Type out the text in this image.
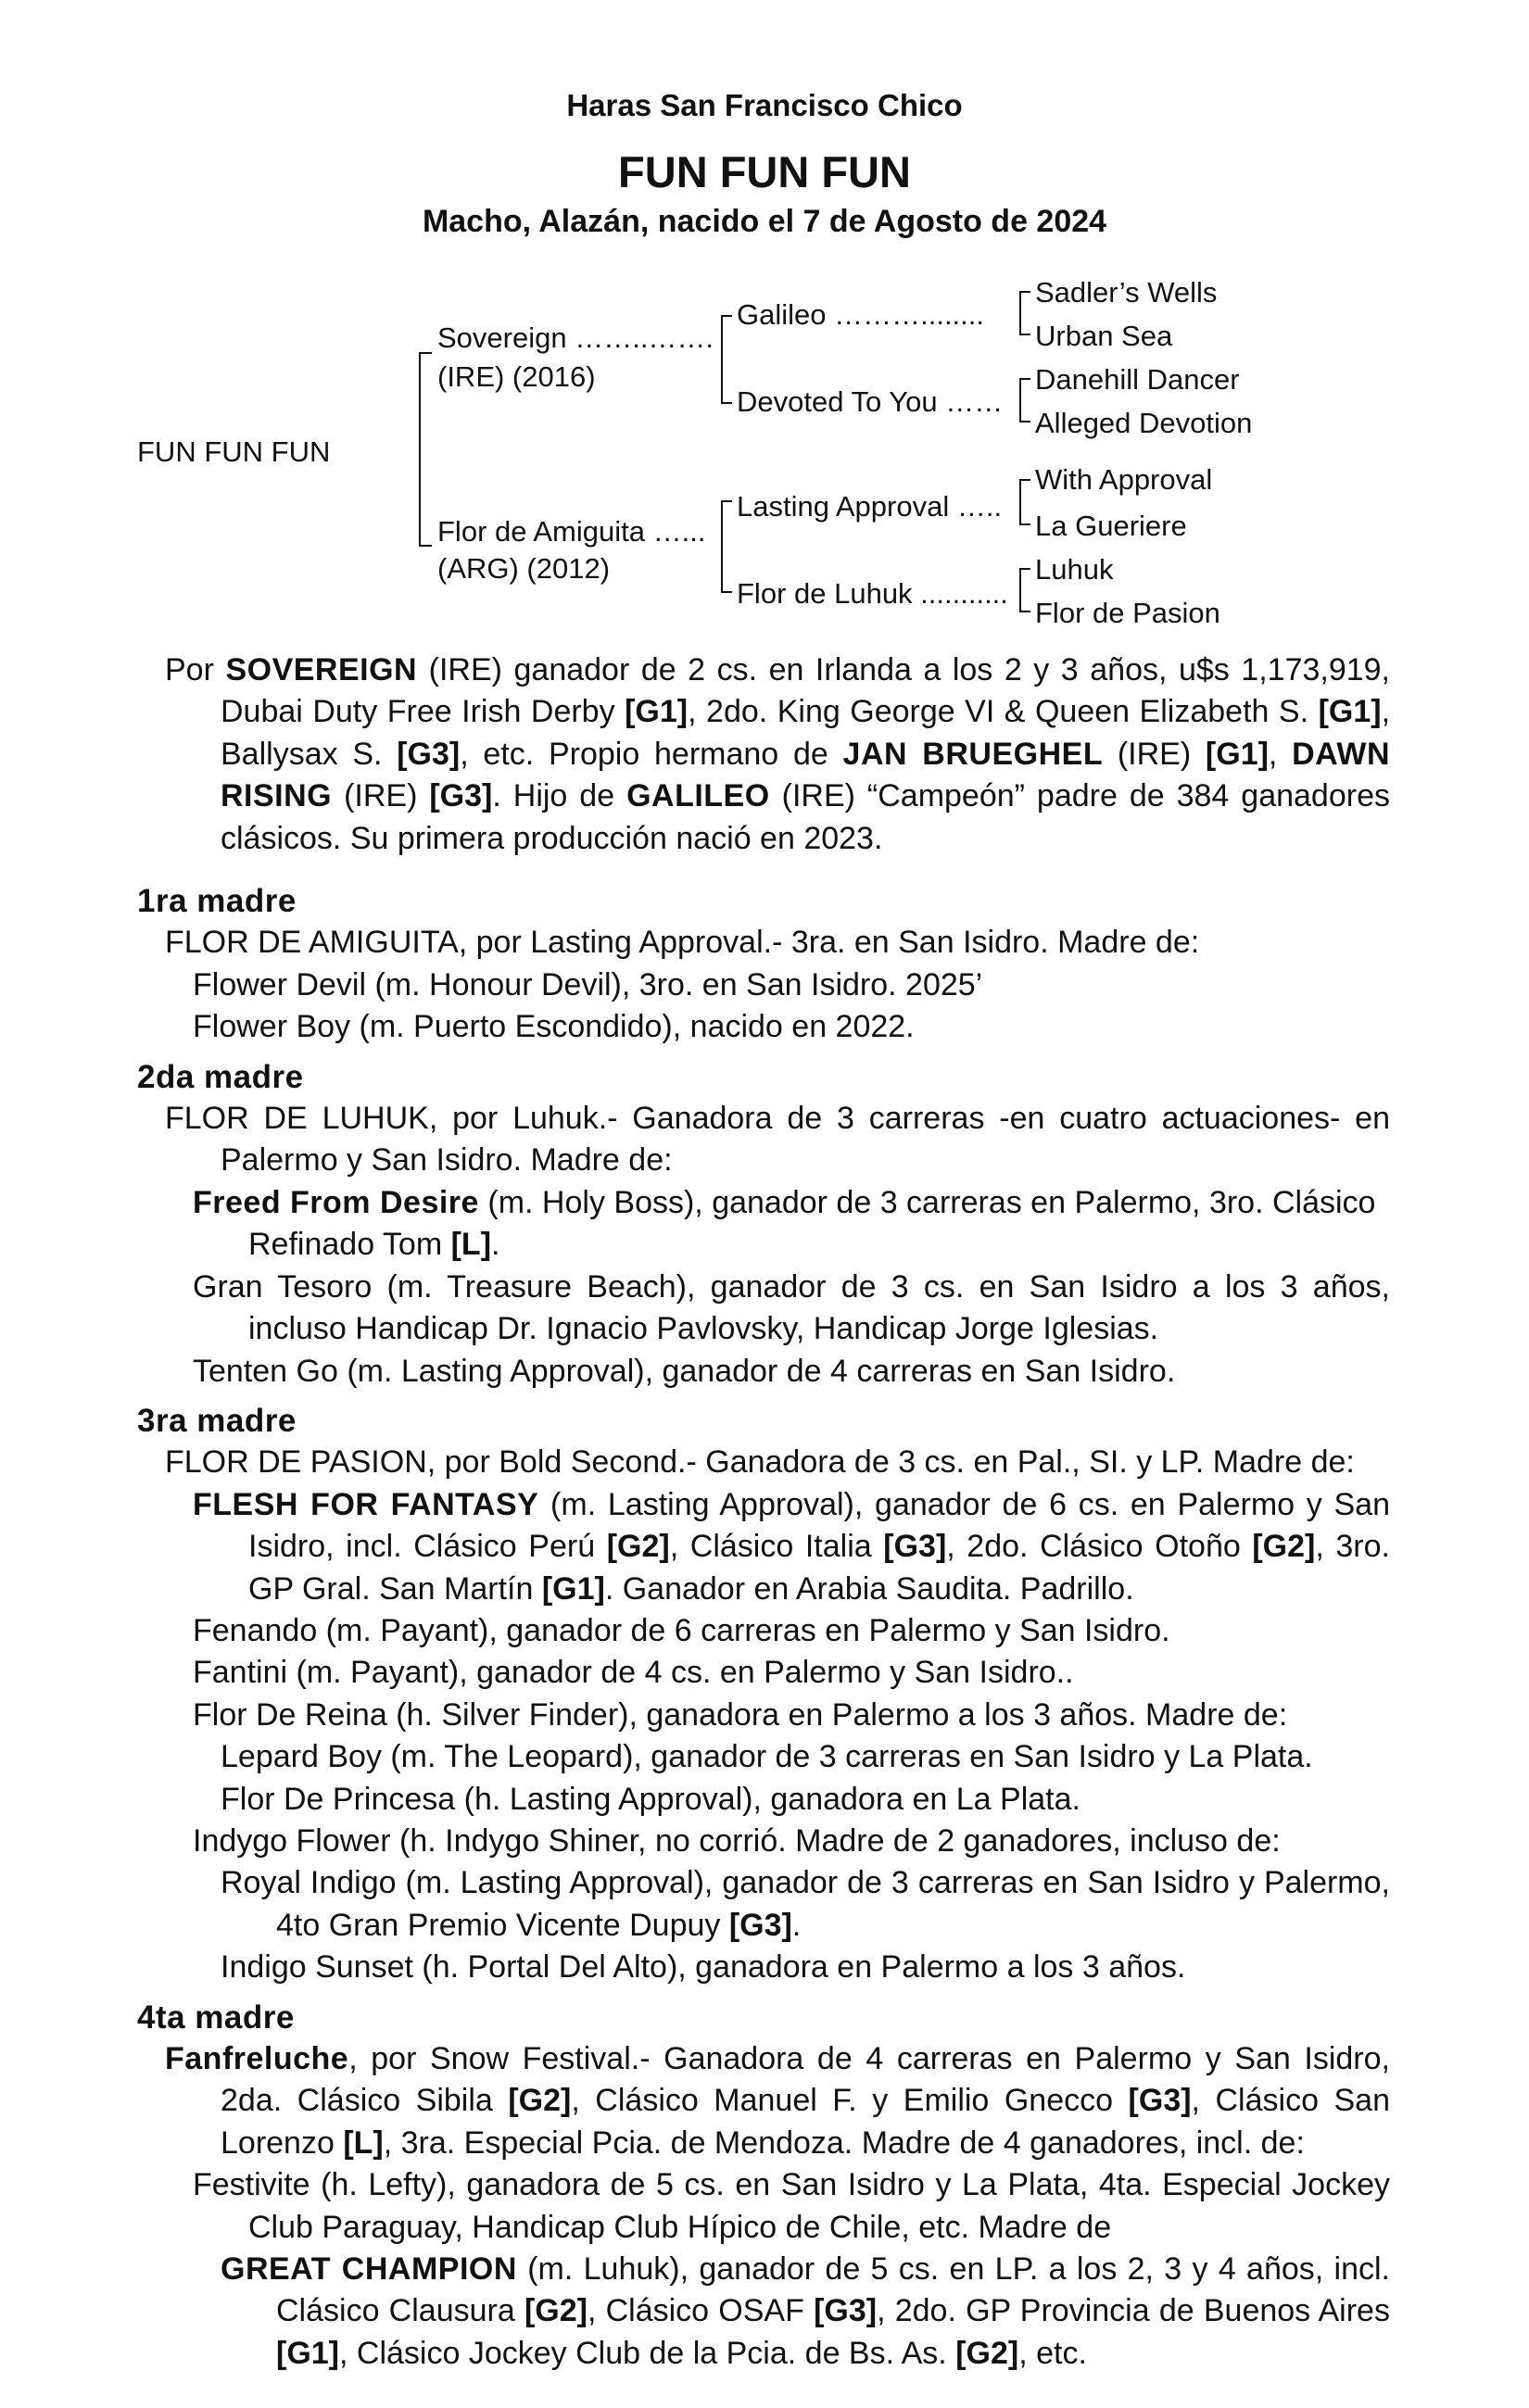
Haras San Francisco Chico
FUN FUN FUN
Macho, Alazán, nacido el 7 de Agosto de 2024
FUN FUN FUN
Sovereign ……..…….
(IRE) (2016)
Flor de Amiguita …...
(ARG) (2012)
Galileo ………........
Devoted To You ……
Lasting Approval …..
Flor de Luhuk ...........
Sadler’s Wells
Urban Sea
Danehill Dancer
Alleged Devotion
With Approval
La Gueriere
Luhuk
Flor de Pasion

Por SOVEREIGN (IRE) ganador de 2 cs. en Irlanda a los 2 y 3 años, u$s 1,173,919, Dubai Duty Free Irish Derby [G1], 2do. King George VI & Queen Elizabeth S. [G1], Ballysax S. [G3], etc. Propio hermano de JAN BRUEGHEL (IRE) [G1], DAWN RISING (IRE) [G3]. Hijo de GALILEO (IRE) “Campeón” padre de 384 ganadores clásicos. Su primera producción nació en 2023.

1ra madre

FLOR DE AMIGUITA, por Lasting Approval.- 3ra. en San Isidro. Madre de:

Flower Devil (m. Honour Devil), 3ro. en San Isidro. 2025’

Flower Boy (m. Puerto Escondido), nacido en 2022.

2da madre

FLOR DE LUHUK, por Luhuk.- Ganadora de 3 carreras -en cuatro actuaciones- en Palermo y San Isidro. Madre de:

Freed From Desire (m. Holy Boss), ganador de 3 carreras en Palermo, 3ro. Clásico Refinado Tom [L].

Gran Tesoro (m. Treasure Beach), ganador de 3 cs. en San Isidro a los 3 años, incluso Handicap Dr. Ignacio Pavlovsky, Handicap Jorge Iglesias.

Tenten Go (m. Lasting Approval), ganador de 4 carreras en San Isidro.

3ra madre

FLOR DE PASION, por Bold Second.- Ganadora de 3 cs. en Pal., SI. y LP. Madre de:

FLESH FOR FANTASY (m. Lasting Approval), ganador de 6 cs. en Palermo y San Isidro, incl. Clásico Perú [G2], Clásico Italia [G3], 2do. Clásico Otoño [G2], 3ro. GP Gral. San Martín [G1]. Ganador en Arabia Saudita. Padrillo.

Fenando (m. Payant), ganador de 6 carreras en Palermo y San Isidro.

Fantini (m. Payant), ganador de 4 cs. en Palermo y San Isidro..

Flor De Reina (h. Silver Finder), ganadora en Palermo a los 3 años. Madre de:

Lepard Boy (m. The Leopard), ganador de 3 carreras en San Isidro y La Plata.

Flor De Princesa (h. Lasting Approval), ganadora en La Plata.

Indygo Flower (h. Indygo Shiner, no corrió. Madre de 2 ganadores, incluso de:

Royal Indigo (m. Lasting Approval), ganador de 3 carreras en San Isidro y Palermo, 4to Gran Premio Vicente Dupuy [G3].

Indigo Sunset (h. Portal Del Alto), ganadora en Palermo a los 3 años.

4ta madre

Fanfreluche, por Snow Festival.- Ganadora de 4 carreras en Palermo y San Isidro, 2da. Clásico Sibila [G2], Clásico Manuel F. y Emilio Gnecco [G3], Clásico San Lorenzo [L], 3ra. Especial Pcia. de Mendoza. Madre de 4 ganadores, incl. de:

Festivite (h. Lefty), ganadora de 5 cs. en San Isidro y La Plata, 4ta. Especial Jockey Club Paraguay, Handicap Club Hípico de Chile, etc. Madre de

GREAT CHAMPION (m. Luhuk), ganador de 5 cs. en LP. a los 2, 3 y 4 años, incl. Clásico Clausura [G2], Clásico OSAF [G3], 2do. GP Provincia de Buenos Aires [G1], Clásico Jockey Club de la Pcia. de Bs. As. [G2], etc.
